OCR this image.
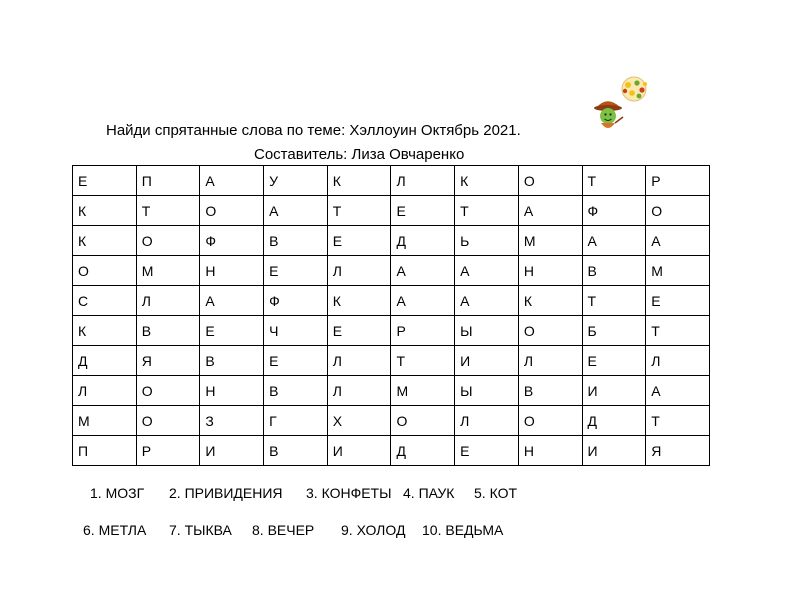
Найди спрятанные слова по теме: Хэллоуин Октябрь 2021.
Составитель: Лиза Овчаренко
Е	П	А	У	К	Л	К	О	Т	Р
К	Т	О	А	Т	Е	Т	А	Ф	О
К	О	Ф	В	Е	Д	Ь	М	А	А
О	М	Н	Е	Л	А	А	Н	В	М
С	Л	А	Ф	К	А	А	К	Т	Е
К	В	Е	Ч	Е	Р	Ы	О	Б	Т
Д	Я	В	Е	Л	Т	И	Л	Е	Л
Л	О	Н	В	Л	М	Ы	В	И	А
М	О	З	Г	Х	О	Л	О	Д	Т
П	Р	И	В	И	Д	Е	Н	И	Я
1. МОЗГ 2. ПРИВИДЕНИЯ 3. КОНФЕТЫ 4. ПАУК 5. КОТ
6. МЕТЛА 7. ТЫКВА 8. ВЕЧЕР 9. ХОЛОД 10. ВЕДЬМА
